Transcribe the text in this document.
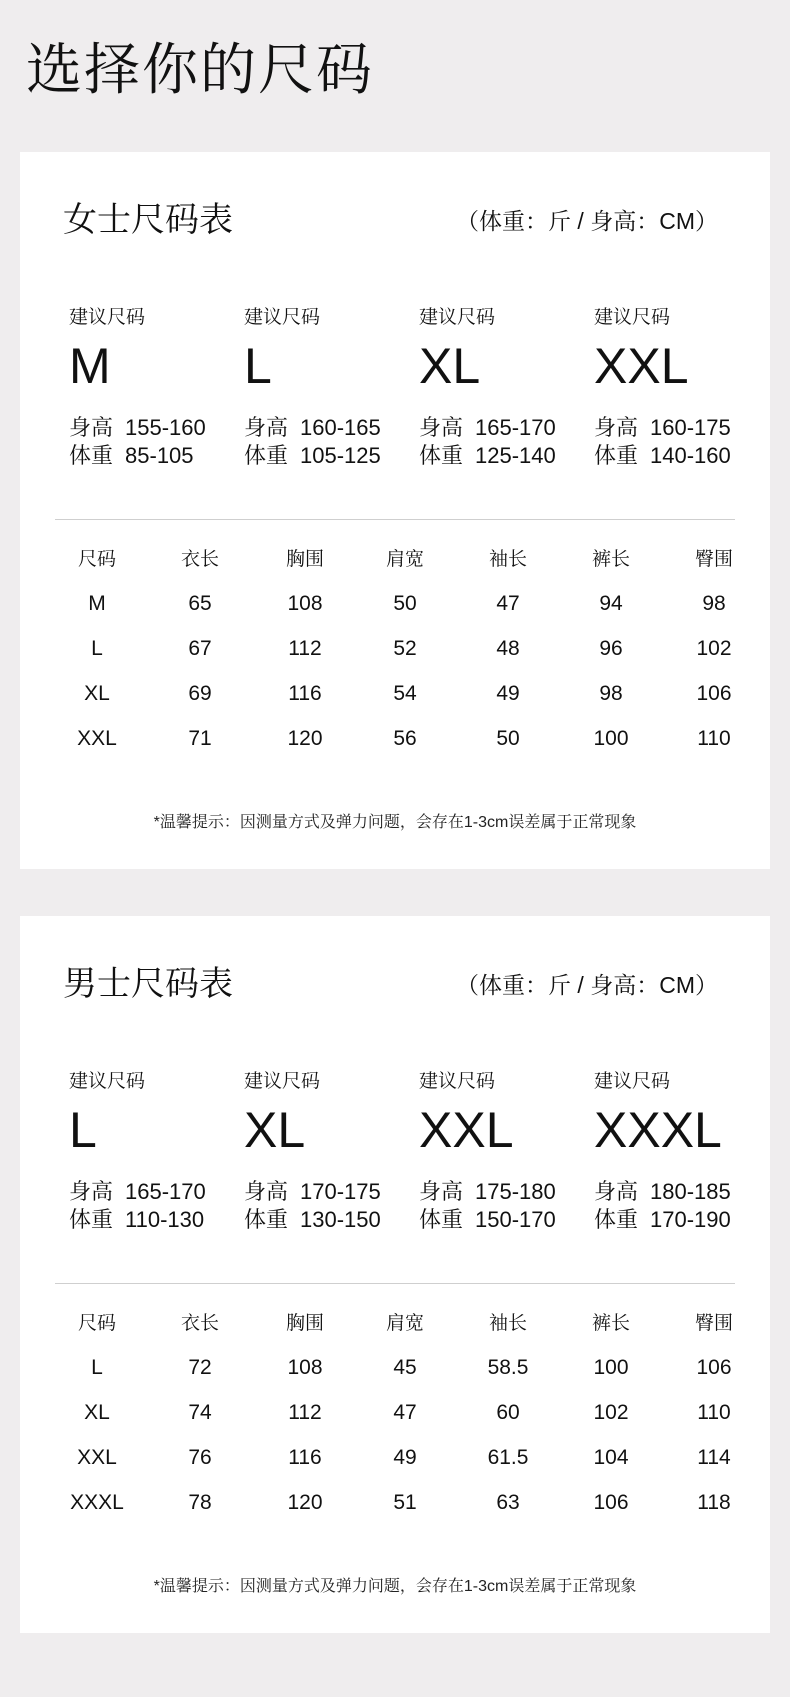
选择你的尺码
女士尺码表	（体重：斤 / 身高：CM）
建议尺码
M
身高 155-160
体重 85-105
建议尺码
L
身高 160-165
体重 105-125
建议尺码
XL
身高 165-170
体重 125-140
建议尺码
XXL
身高 160-175
体重 140-160
尺码	衣长	胸围	肩宽	袖长	裤长	臀围
M	65	108	50	47	94	98
L	67	112	52	48	96	102
XL	69	116	54	49	98	106
XXL	71	120	56	50	100	110
*温馨提示：因测量方式及弹力问题，会存在1-3cm误差属于正常现象
男士尺码表	（体重：斤 / 身高：CM）
建议尺码
L
身高 165-170
体重 110-130
建议尺码
XL
身高 170-175
体重 130-150
建议尺码
XXL
身高 175-180
体重 150-170
建议尺码
XXXL
身高 180-185
体重 170-190
尺码	衣长	胸围	肩宽	袖长	裤长	臀围
L	72	108	45	58.5	100	106
XL	74	112	47	60	102	110
XXL	76	116	49	61.5	104	114
XXXL	78	120	51	63	106	118
*温馨提示：因测量方式及弹力问题，会存在1-3cm误差属于正常现象
